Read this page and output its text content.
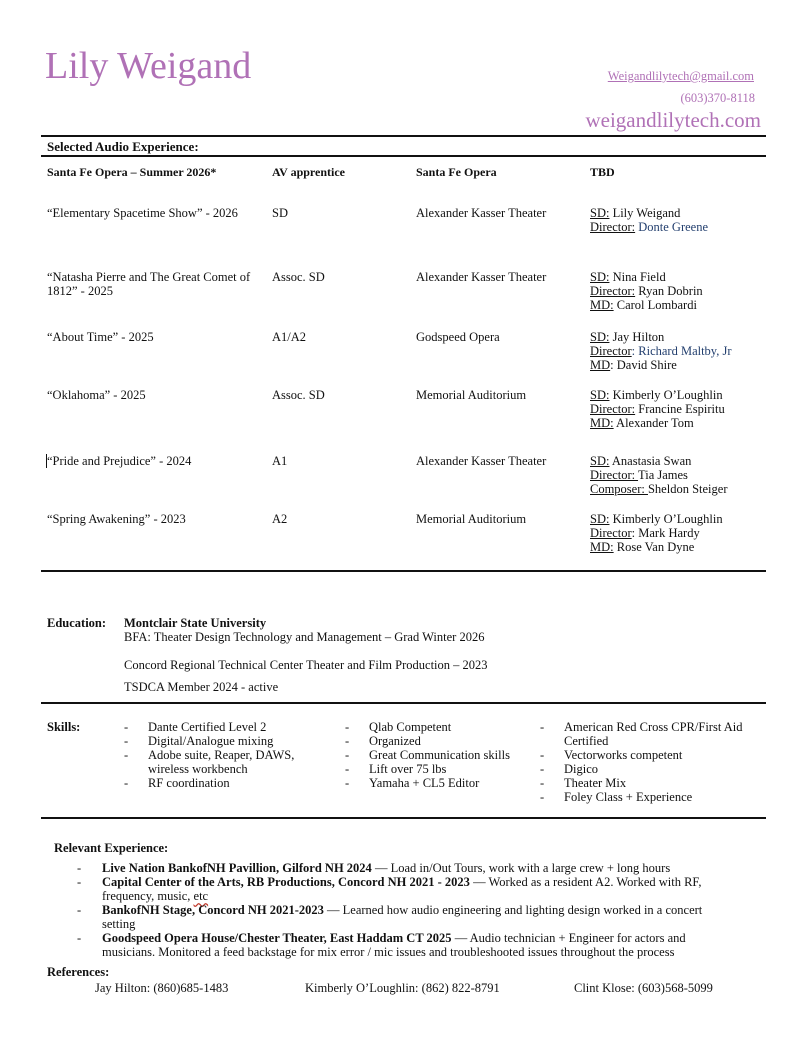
Lily Weigand	Weigandlilytech@gmail.com
(603)370-8118
weigandlilytech.com
Selected Audio Experience:
Santa Fe Opera – Summer 2026*	AV apprentice	Santa Fe Opera	TBD
“Elementary Spacetime Show” - 2026	SD	Alexander Kasser Theater	SD: Lily Weigand
Director: Donte Greene
“Natasha Pierre and The Great Comet of 1812” - 2025
Assoc. SD	Alexander Kasser Theater	SD: Nina Field
Director: Ryan Dobrin
MD: Carol Lombardi
“About Time” - 2025	A1/A2	Godspeed Opera	SD: Jay Hilton
Director: Richard Maltby, Jr
MD: David Shire
“Oklahoma” - 2025	Assoc. SD	Memorial Auditorium	SD: Kimberly O’Loughlin
Director: Francine Espiritu
MD: Alexander Tom
“Pride and Prejudice” - 2024	A1	Alexander Kasser Theater	SD: Anastasia Swan
Director: Tia James
Composer: Sheldon Steiger
“Spring Awakening” - 2023	A2	Memorial Auditorium	SD: Kimberly O’Loughlin
Director: Mark Hardy
MD: Rose Van Dyne
Education: Montclair State University
BFA: Theater Design Technology and Management – Grad Winter 2026
Concord Regional Technical Center Theater and Film Production – 2023
TSDCA Member 2024 - active
Skills:
-	Dante Certified Level 2
- Digital/Analogue mixing
- Adobe suite, Reaper, DAWS, wireless workbench
- RF coordination
- Qlab Competent
- Organized
- Great Communication skills
- Lift over 75 lbs
- Yamaha + CL5 Editor
- American Red Cross CPR/First Aid Certified
- Vectorworks competent
- Digico
- Theater Mix
- Foley Class + Experience
Relevant Experience:
- Live Nation BankofNH Pavillion, Gilford NH 2024 — Load in/Out Tours, work with a large crew + long hours
- Capital Center of the Arts, RB Productions, Concord NH 2021 - 2023 — Worked as a resident A2. Worked with RF, frequency, music, etc
- BankofNH Stage, Concord NH 2021-2023 — Learned how audio engineering and lighting design worked in a concert setting
- Goodspeed Opera House/Chester Theater, East Haddam CT 2025 — Audio technician + Engineer for actors and musicians. Monitored a feed backstage for mix error / mic issues and troubleshooted issues throughout the process
References:
Jay Hilton: (860)685-1483	Kimberly O’Loughlin: (862) 822-8791	Clint Klose: (603)568-5099
